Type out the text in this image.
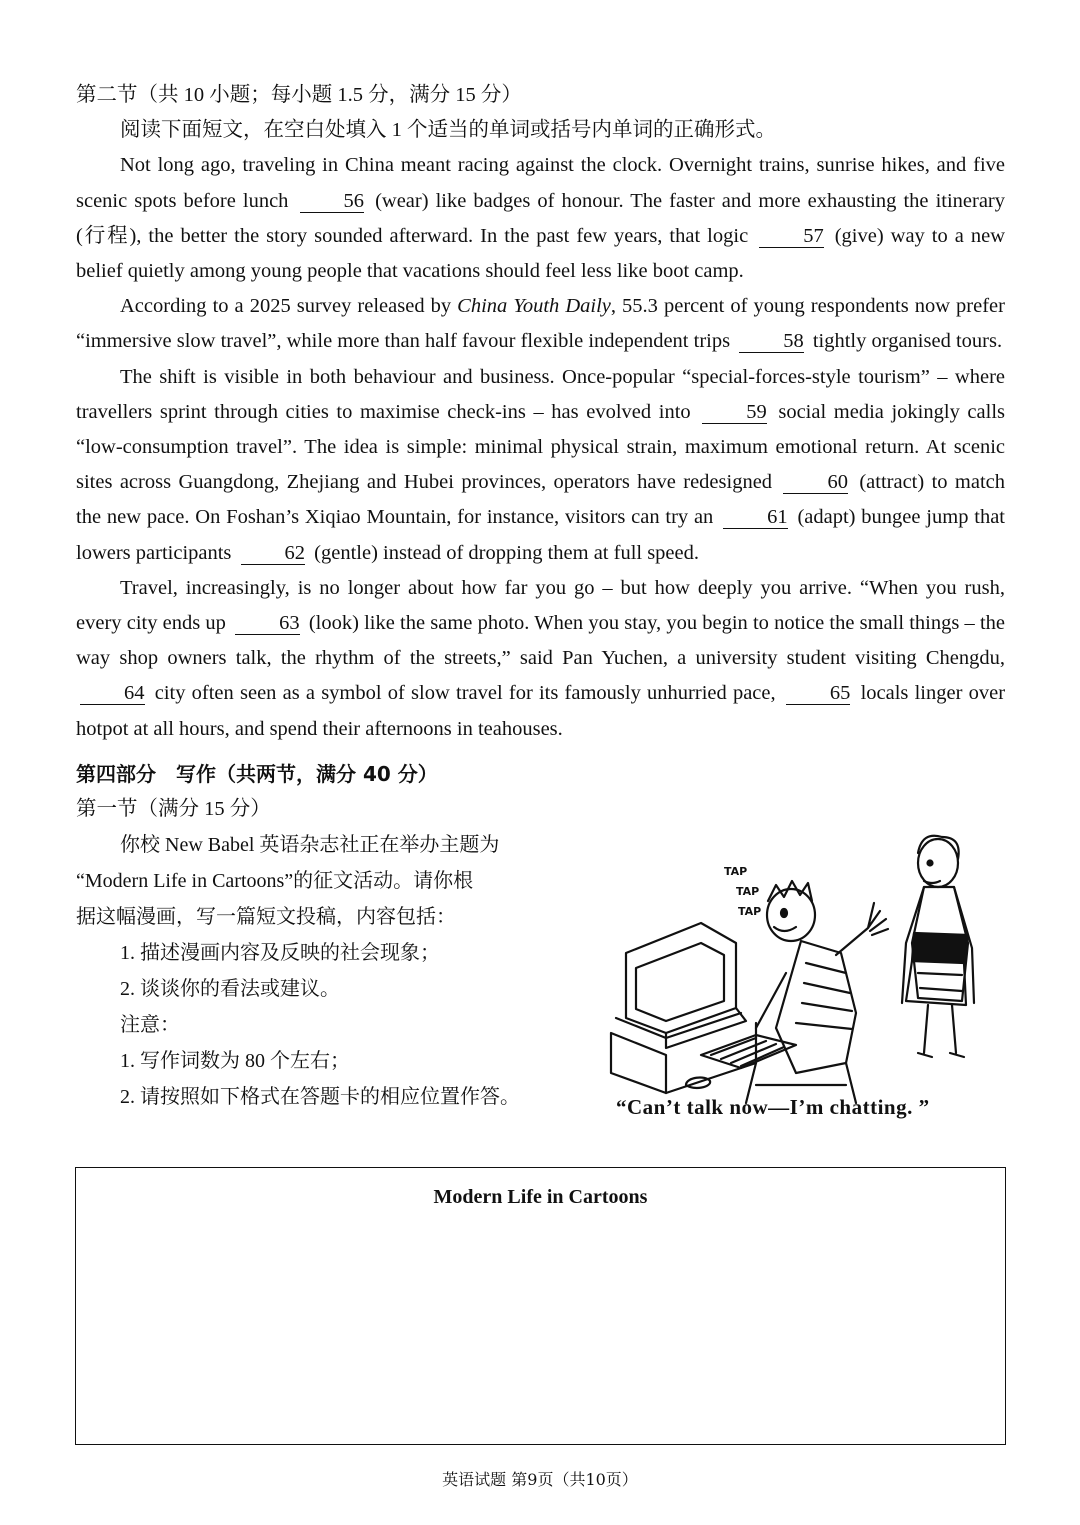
第二节（共 10 小题；每小题 1.5 分，满分 15 分）
阅读下面短文，在空白处填入 1 个适当的单词或括号内单词的正确形式。

Not long ago, traveling in China meant racing against the clock. Overnight trains, sunrise hikes, and five scenic spots before lunch	56 (wear) like badges of honour. The faster and more exhausting the itinerary (行程), the better the story sounded afterward. In the past few years, that logic	57 (give) way to a new belief quietly among young people that vacations should feel less like boot camp.

According to a 2025 survey released by China Youth Daily, 55.3 percent of young respondents now prefer “immersive slow travel”, while more than half favour flexible independent trips	58 tightly organised tours.

The shift is visible in both behaviour and business. Once-popular “special-forces-style tourism” – where travellers sprint through cities to maximise check-ins – has evolved into	59 social media jokingly calls “low-consumption travel”. The idea is simple: minimal physical strain, maximum emotional return. At scenic sites across Guangdong, Zhejiang and Hubei provinces, operators have redesigned	60 (attract) to match the new pace. On Foshan’s Xiqiao Mountain, for instance, visitors can try an	61 (adapt) bungee jump that lowers participants	62 (gentle) instead of dropping them at full speed.

Travel, increasingly, is no longer about how far you go – but how deeply you arrive. “When you rush, every city ends up	63 (look) like the same photo. When you stay, you begin to notice the small things – the way shop owners talk, the rhythm of the streets,” said Pan Yuchen, a university student visiting Chengdu, 64 city often seen as a symbol of slow travel for its famously unhurried pace,	65 locals linger over hotpot at all hours, and spend their afternoons in teahouses.

第四部分　写作（共两节，满分 40 分）
第一节（满分 15 分）
你校 New Babel 英语杂志社正在举办主题为
“Modern Life in Cartoons”的征文活动。请你根
据这幅漫画，写一篇短文投稿，内容包括：
1. 描述漫画内容及反映的社会现象；
2. 谈谈你的看法或建议。
注意：
1. 写作词数为 80 个左右；
2. 请按照如下格式在答题卡的相应位置作答。
TAP
TAP
TAP
“Can’t talk now—I’m chatting. ”
Modern Life in Cartoons
英语试题 第9页（共10页）
